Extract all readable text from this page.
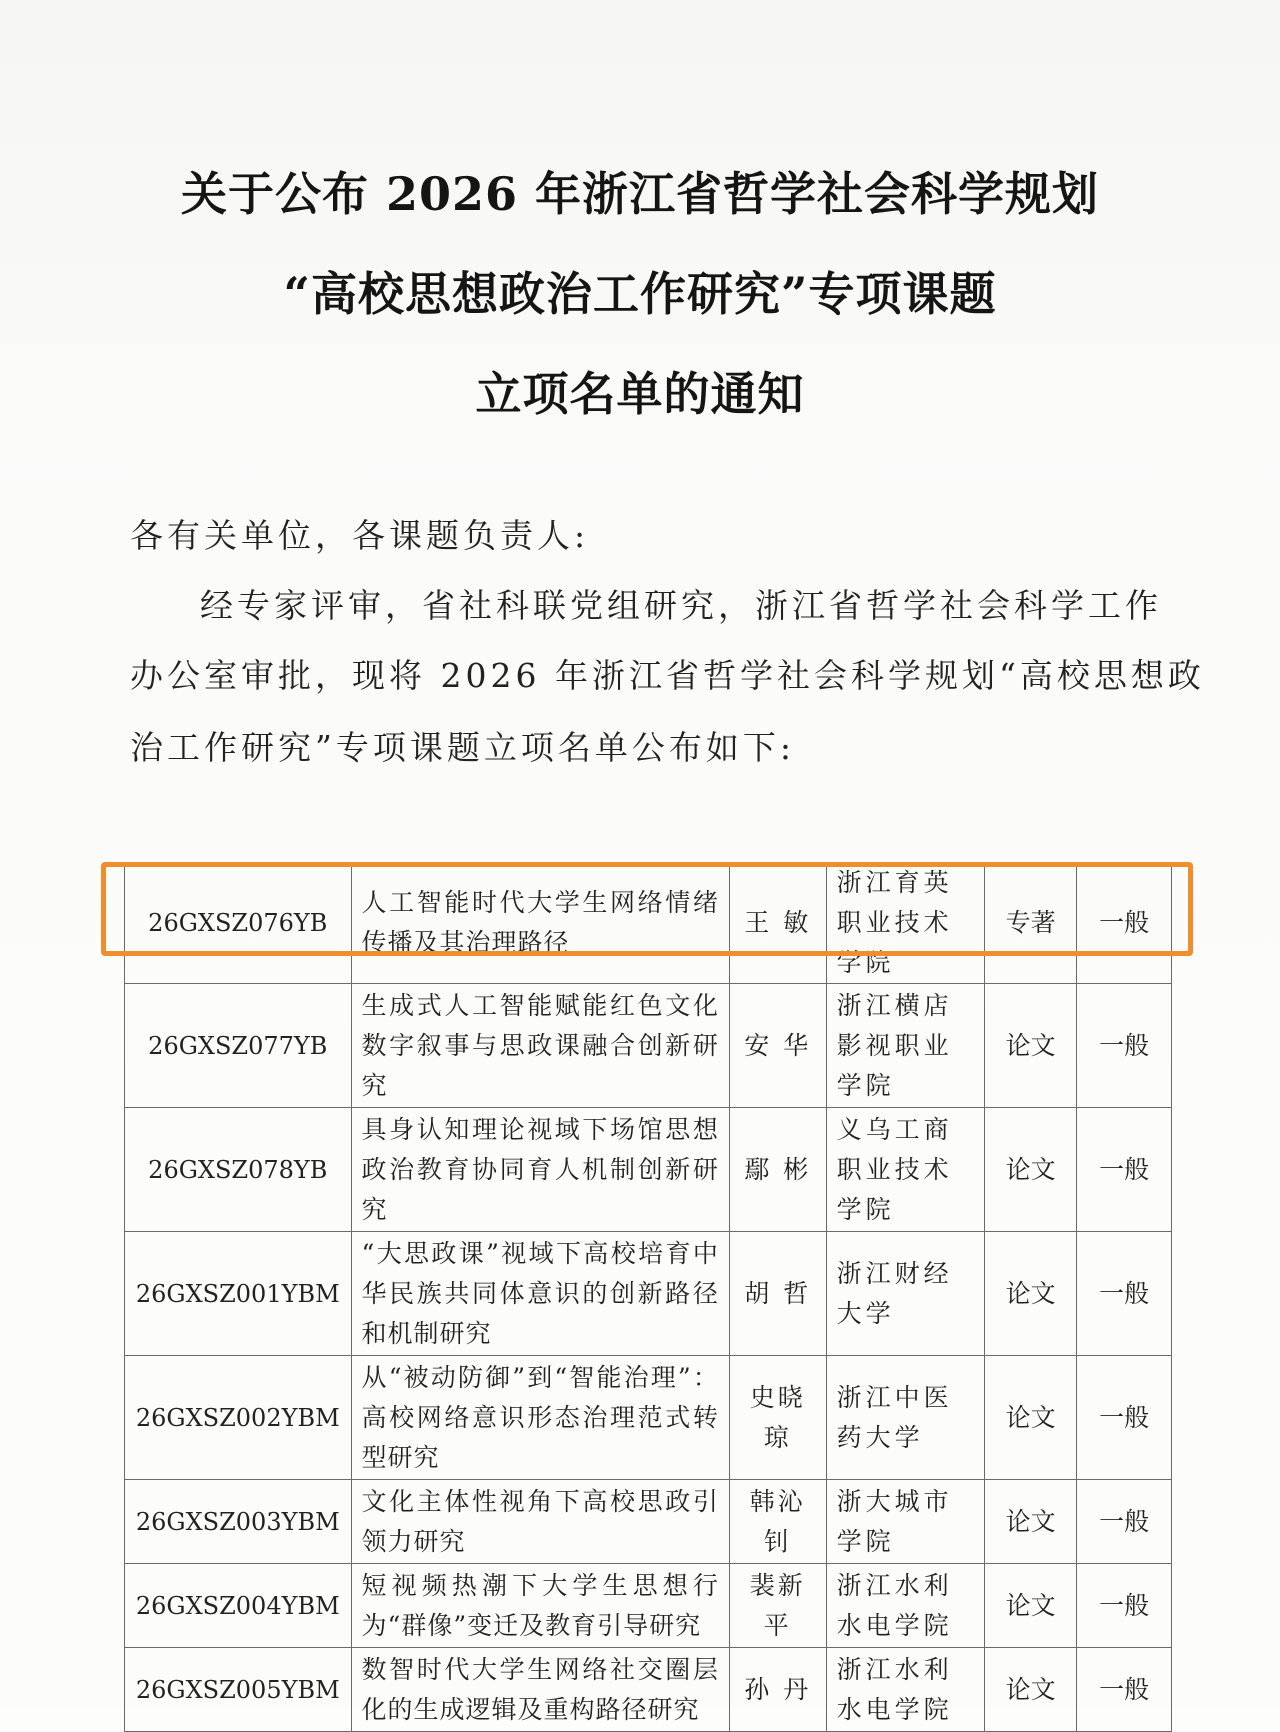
关于公布 2026 年浙江省哲学社会科学规划
“高校思想政治工作研究”专项课题
立项名单的通知
各有关单位，各课题负责人:
经专家评审，省社科联党组研究，浙江省哲学社会科学工作
办公室审批，现将 2026 年浙江省哲学社会科学规划“高校思想政
治工作研究”专项课题立项名单公布如下:
26GXSZ076YB	人工智能时代大学生网络情绪传播及其治理路径	王 敏	浙江育英职业技术学院	专著	一般
26GXSZ077YB	生成式人工智能赋能红色文化数字叙事与思政课融合创新研究	安 华	浙江横店影视职业学院	论文	一般
26GXSZ078YB	具身认知理论视域下场馆思想政治教育协同育人机制创新研究	鄢 彬	义乌工商职业技术学院	论文	一般
26GXSZ001YBM	“大思政课”视域下高校培育中华民族共同体意识的创新路径和机制研究	胡 哲	浙江财经大学	论文	一般
26GXSZ002YBM	从“被动防御”到“智能治理”：高校网络意识形态治理范式转型研究	史晓琼	浙江中医药大学	论文	一般
26GXSZ003YBM	文化主体性视角下高校思政引领力研究	韩沁钊	浙大城市学院	论文	一般
26GXSZ004YBM	短视频热潮下大学生思想行为“群像”变迁及教育引导研究	裴新平	浙江水利水电学院	论文	一般
26GXSZ005YBM	数智时代大学生网络社交圈层化的生成逻辑及重构路径研究	孙 丹	浙江水利水电学院	论文	一般
